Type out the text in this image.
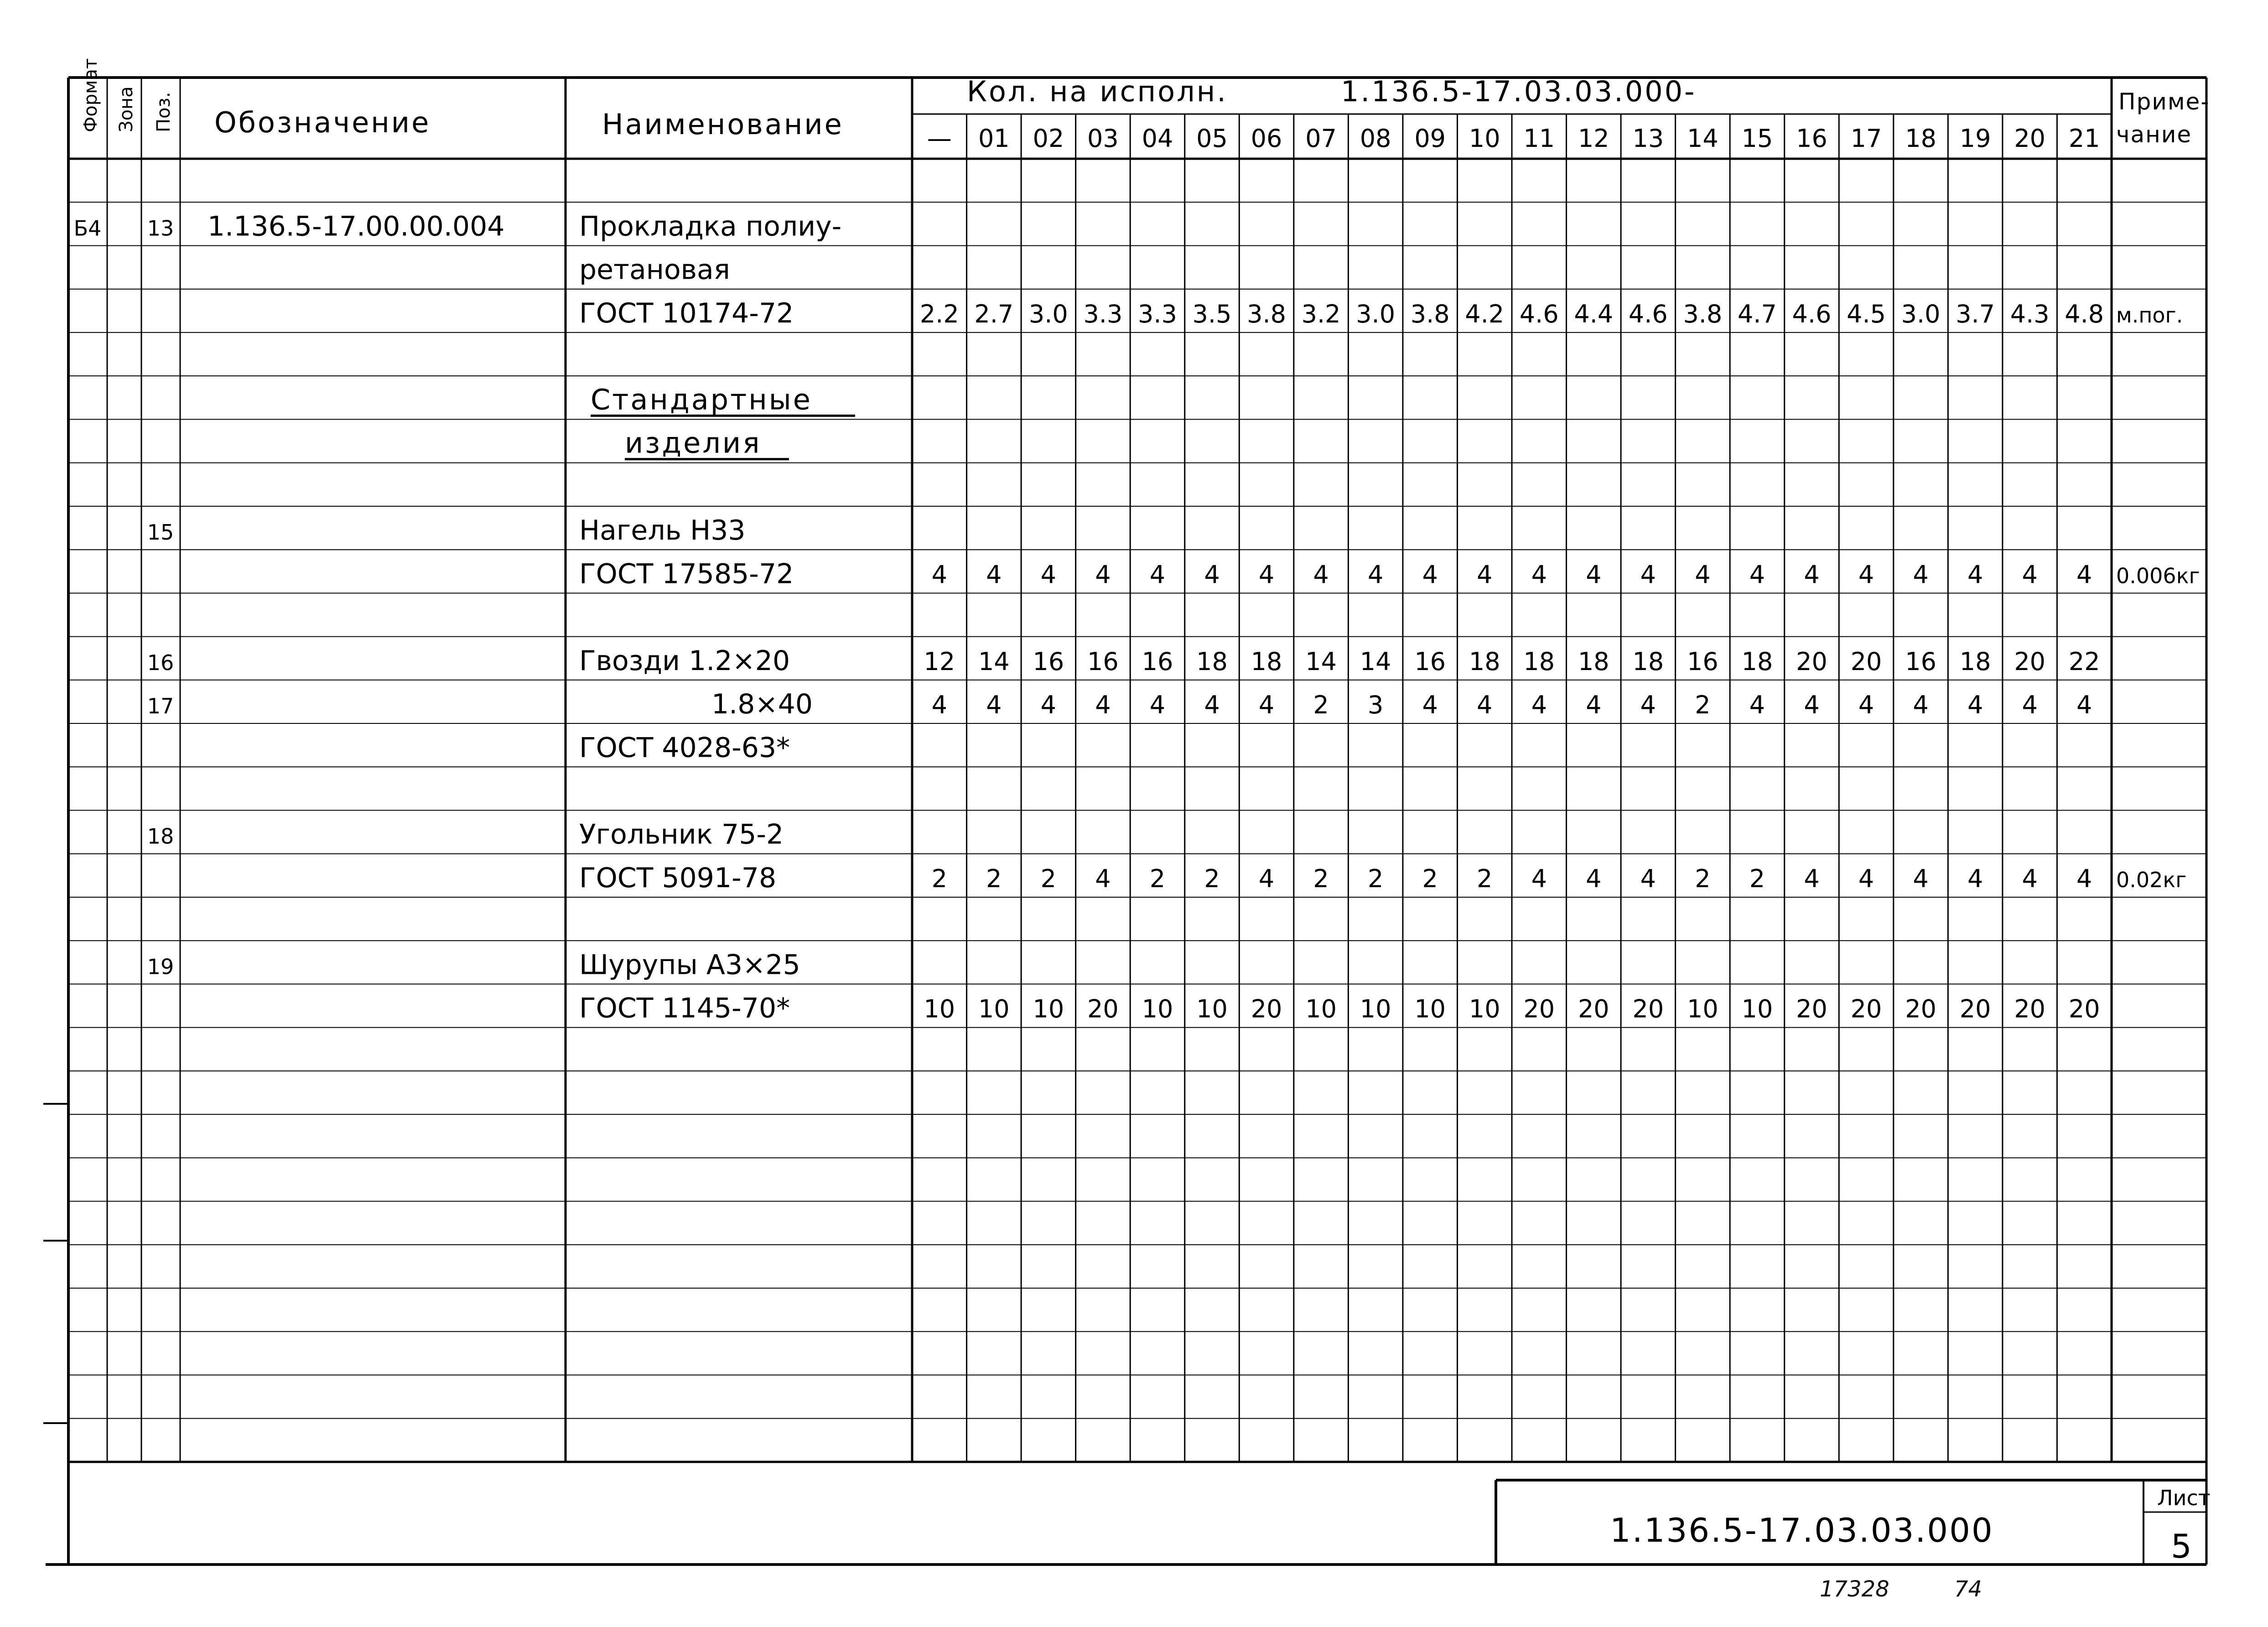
Формат Зона Поз. Обозначение	Наименование
Кол. на исполн.	1.136.5-17.03.03.000-	Приме-
чание
— 01 02 03 04 05 06 07 08 09 10 11 12 13 14 15 16 17 18 19 20 21
Б4 13 1.136.5-17.00.00.004	Прокладка полиу-
ретановая
ГОСТ 10174-72	2.2 2.7 3.0 3.3 3.3 3.5 3.8 3.2 3.0 3.8 4.2 4.6 4.4 4.6 3.8 4.7 4.6 4.5 3.0 3.7 4.3 4.8 м.пог.
Стандартные
изделия
15	Нагель Н33
ГОСТ 17585-72	4 4 4 4 4 4 4 4 4 4 4 4 4 4 4 4 4 4 4 4 4 4 0.006кг
16	Гвозди 1.2×20	12 14 16 16 16 18 18 14 14 16 18 18 18 18 16 18 20 20 16 18 20 22
17	1.8×40	4 4 4 4 4 4 4 2 3 4 4 4 4 4 2 4 4 4 4 4 4 4
ГОСТ 4028-63*
18	Угольник 75-2
ГОСТ 5091-78	2 2 2 4 2 2 4 2 2 2 2 4 4 4 2 2 4 4 4 4 4 4 0.02кг
19	Шурупы А3×25
ГОСТ 1145-70*	10 10 10 20 10 10 20 10 10 10 10 20 20 20 10 10 20 20 20 20 20 20
1.136.5-17.03.03.000
Лист
5
17328	74
